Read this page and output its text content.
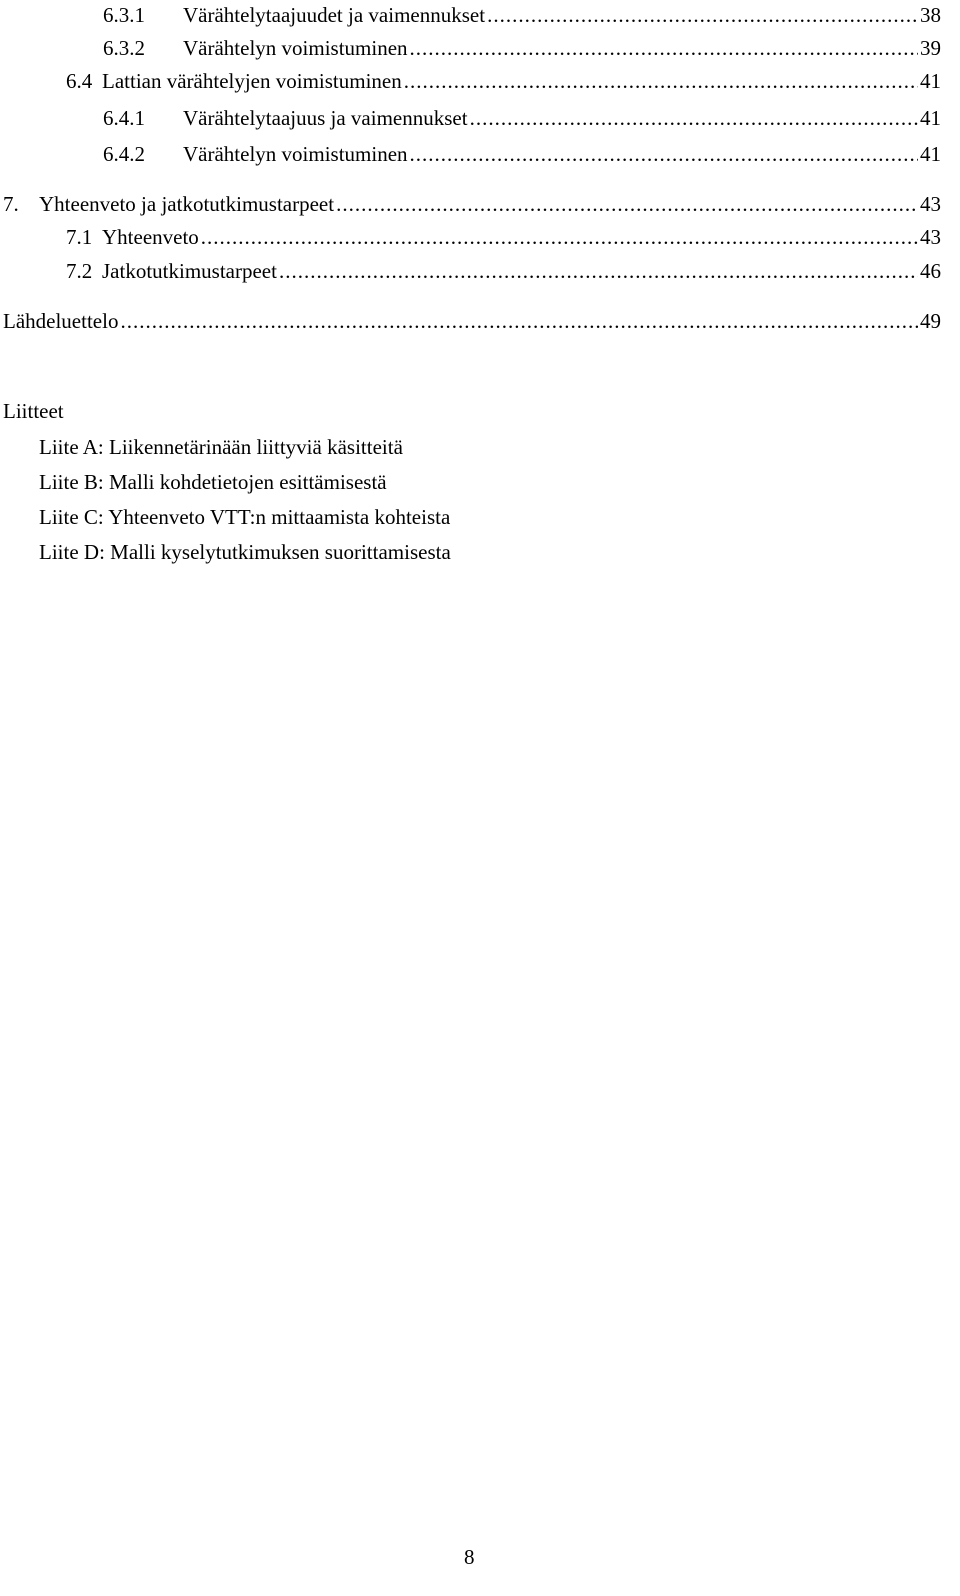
6.3.1	Värähtelytaajuudet ja vaimennukset .....	38
6.3.2	Värähtelyn voimistuminen .....	39
6.4 Lattian värähtelyjen voimistuminen .....	41
6.4.1	Värähtelytaajuus ja vaimennukset .....	41
6.4.2	Värähtelyn voimistuminen .....	41
7. Yhteenveto ja jatkotutkimustarpeet .....	43
7.1 Yhteenveto .....	43
7.2 Jatkotutkimustarpeet .....	46
Lähdeluettelo .....	49
Liitteet
Liite A: Liikennetärinään liittyviä käsitteitä
Liite B: Malli kohdetietojen esittämisestä
Liite C: Yhteenveto VTT:n mittaamista kohteista
Liite D: Malli kyselytutkimuksen suorittamisesta
8
